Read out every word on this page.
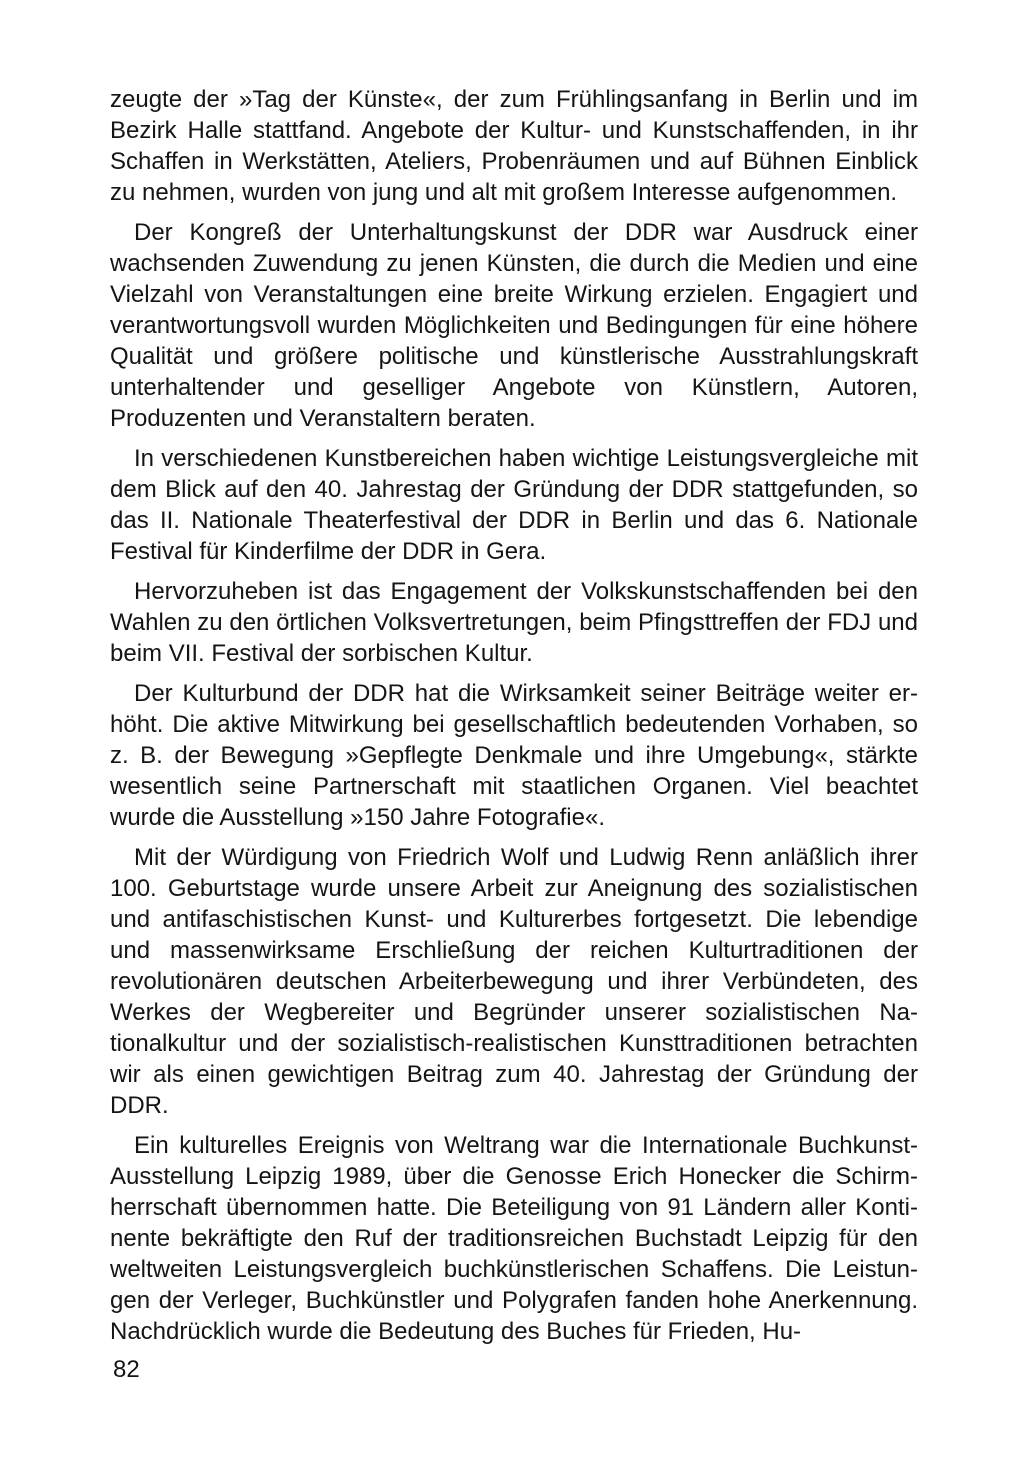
zeugte der »Tag der Künste«, der zum Frühlingsanfang in Berlin und im Bezirk Halle stattfand. Angebote der Kultur- und Kunstschaffenden, in ihr Schaffen in Werkstätten, Ateliers, Probenräumen und auf Bühnen Einblick zu nehmen, wurden von jung und alt mit großem Interesse aufgenommen.

Der Kongreß der Unterhaltungskunst der DDR war Ausdruck einer wachsenden Zuwendung zu jenen Künsten, die durch die Medien und eine Vielzahl von Veranstaltungen eine breite Wirkung erzielen. Engagiert und verantwortungsvoll wurden Möglichkeiten und Bedingungen für eine höhere Qualität und größere politische und künstlerische Ausstrahlungskraft unterhaltender und geselliger Angebote von Künstlern, Autoren, Produzenten und Veranstaltern beraten.

In verschiedenen Kunstbereichen haben wichtige Leistungsvergleiche mit dem Blick auf den 40. Jahrestag der Gründung der DDR stattgefunden, so das II. Nationale Theaterfestival der DDR in Berlin und das 6. Nationale Festival für Kinderfilme der DDR in Gera.

Hervorzuheben ist das Engagement der Volkskunstschaffenden bei den Wahlen zu den örtlichen Volksvertretungen, beim Pfingsttreffen der FDJ und beim VII. Festival der sorbischen Kultur.

Der Kulturbund der DDR hat die Wirksamkeit seiner Beiträge weiter erhöht. Die aktive Mitwirkung bei gesellschaftlich bedeutenden Vorhaben, so z. B. der Bewegung »Gepflegte Denkmale und ihre Umgebung«, stärkte wesentlich seine Partnerschaft mit staatlichen Organen. Viel beachtet wurde die Ausstellung »150 Jahre Fotografie«.

Mit der Würdigung von Friedrich Wolf und Ludwig Renn anläßlich ihrer 100. Geburtstage wurde unsere Arbeit zur Aneignung des sozialistischen und antifaschistischen Kunst- und Kulturerbes fortgesetzt. Die lebendige und massenwirksame Erschließung der reichen Kulturtraditionen der revolutionären deutschen Arbeiterbewegung und ihrer Verbündeten, des Werkes der Wegbereiter und Begründer unserer sozialistischen Nationalkultur und der sozialistisch-realistischen Kunsttraditionen betrachten wir als einen gewichtigen Beitrag zum 40. Jahrestag der Gründung der DDR.

Ein kulturelles Ereignis von Weltrang war die Internationale Buchkunst-Ausstellung Leipzig 1989, über die Genosse Erich Honecker die Schirmherrschaft übernommen hatte. Die Beteiligung von 91 Ländern aller Kontinente bekräftigte den Ruf der traditionsreichen Buchstadt Leipzig für den weltweiten Leistungsvergleich buchkünstlerischen Schaffens. Die Leistungen der Verleger, Buchkünstler und Polygrafen fanden hohe Anerkennung. Nachdrücklich wurde die Bedeutung des Buches für Frieden, Hu-

82
